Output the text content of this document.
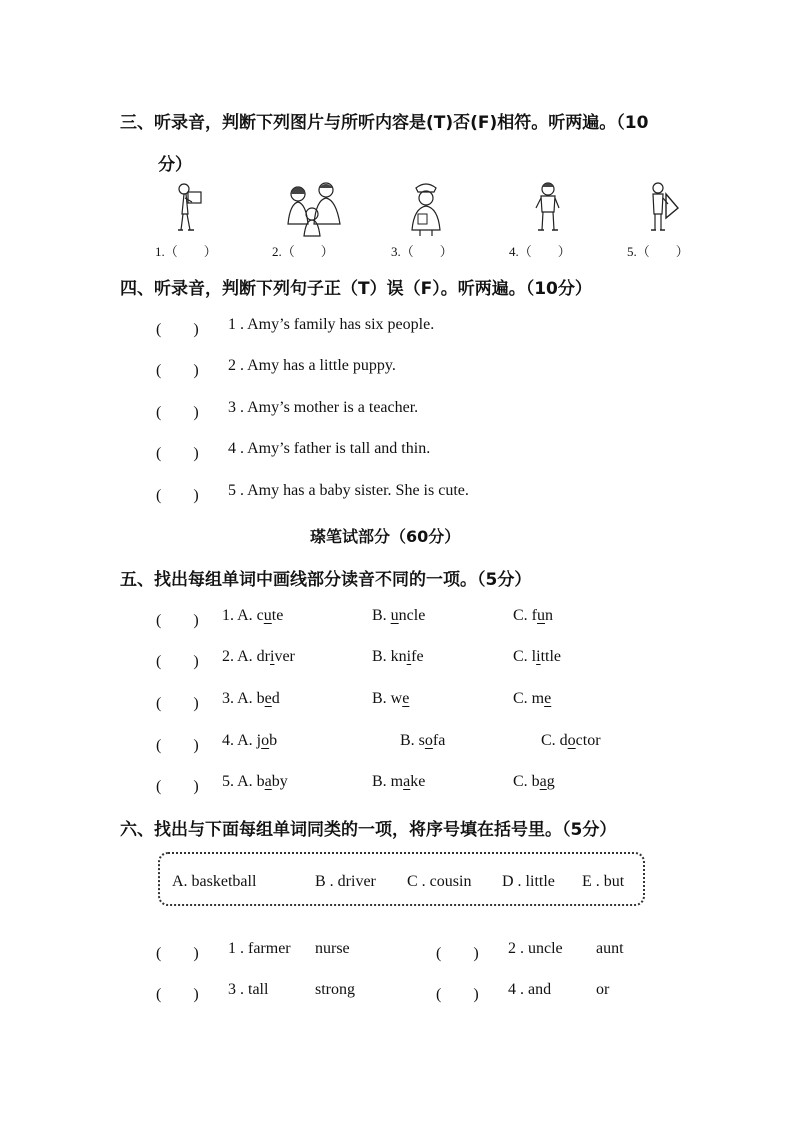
三、听录音，判断下列图片与所听内容是(T)否(F)相符。听两遍。（10
分）
1.（　　）	2.（　　）	3.（　　）	4.（　　）	5.（　　）
四、听录音，判断下列句子正（T）误（F）。听两遍。（10分）
(　　) 1 . Amy’s family has six people.
(　　) 2 . Amy has a little puppy.
(　　) 3 . Amy’s mother is a teacher.
(　　) 4 . Amy’s father is tall and thin.
(　　) 5 . Amy has a baby sister. She is cute.
瑹笔试部分（60分）
五、找出每组单词中画线部分读音不同的一项。（5分）
(　　) 1. A. cute	B. uncle	C. fun
(　　) 2. A. driver	B. knife	C. little
(　　) 3. A. bed	B. we	C. me
(　　) 4. A. job	B. sofa	C. doctor
(　　) 5. A. baby	B. make	C. bag
六、找出与下面每组单词同类的一项，将序号填在括号里。（5分）
A. basketball	B . driver C . cousin D . little E . but
(　　) 1 . farmer nurse	(　　) 2 . uncle aunt
(　　) 3 . tall	strong	(　　) 4 . and	or
